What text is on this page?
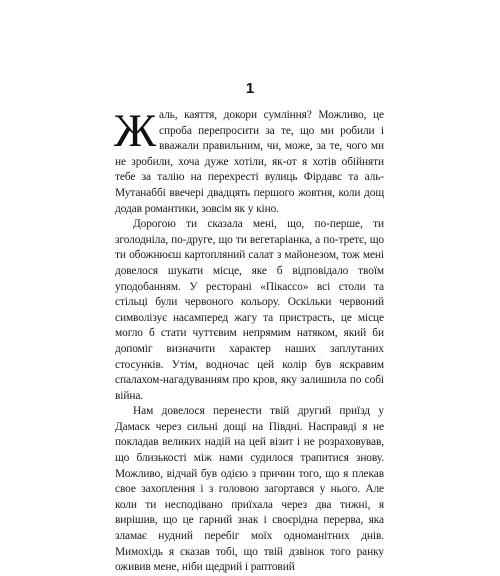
1

Жаль, каяття, докори сумління? Можливо, це спроба перепросити за те, що ми робили і вважали правильним, чи, може, за те, чого ми не зробили, хоча дуже хотіли, як-от я хотів обійняти тебе за талію на перехресті вулиць Фірдавс та аль-Мутанаббі ввечері двадцять першого жовтня, коли дощ додав романтики, зовсім як у кіно.

Дорогою ти сказала мені, що, по-перше, ти зголодніла, по-друге, що ти вегетаріанка, а по-третє, що ти обожнюєш картопляний салат з майонезом, тож мені довелося шукати місце, яке б відповідало твоїм уподобанням. У ресторані «Пікассо» всі столи та стільці були червоного кольору. Оскільки червоний символізує насамперед жагу та пристрасть, це місце могло б стати чуттєвим непрямим натяком, який би допоміг визначити характер наших заплутаних стосунків. Утім, водночас цей колір був яскравим спалахом-нагадуванням про кров, яку залишила по собі війна.

Нам довелося перенести твій другий приїзд у Дамаск через сильні дощі на Півдні. Насправді я не покладав великих надій на цей візит і не розраховував, що близькості між нами судилося трапитися знову. Можливо, відчай був одією з причин того, що я плекав свое захоплення і з головою загортався у нього. Але коли ти несподівано приїхала через два тижні, я вирішив, що це гарний знак і своєрідна перерва, яка зламає нудний перебіг моїх одноманітних днів. Мимохідь я сказав тобі, що твій дзвінок того ранку оживив мене, ніби щедрий і раптовий
